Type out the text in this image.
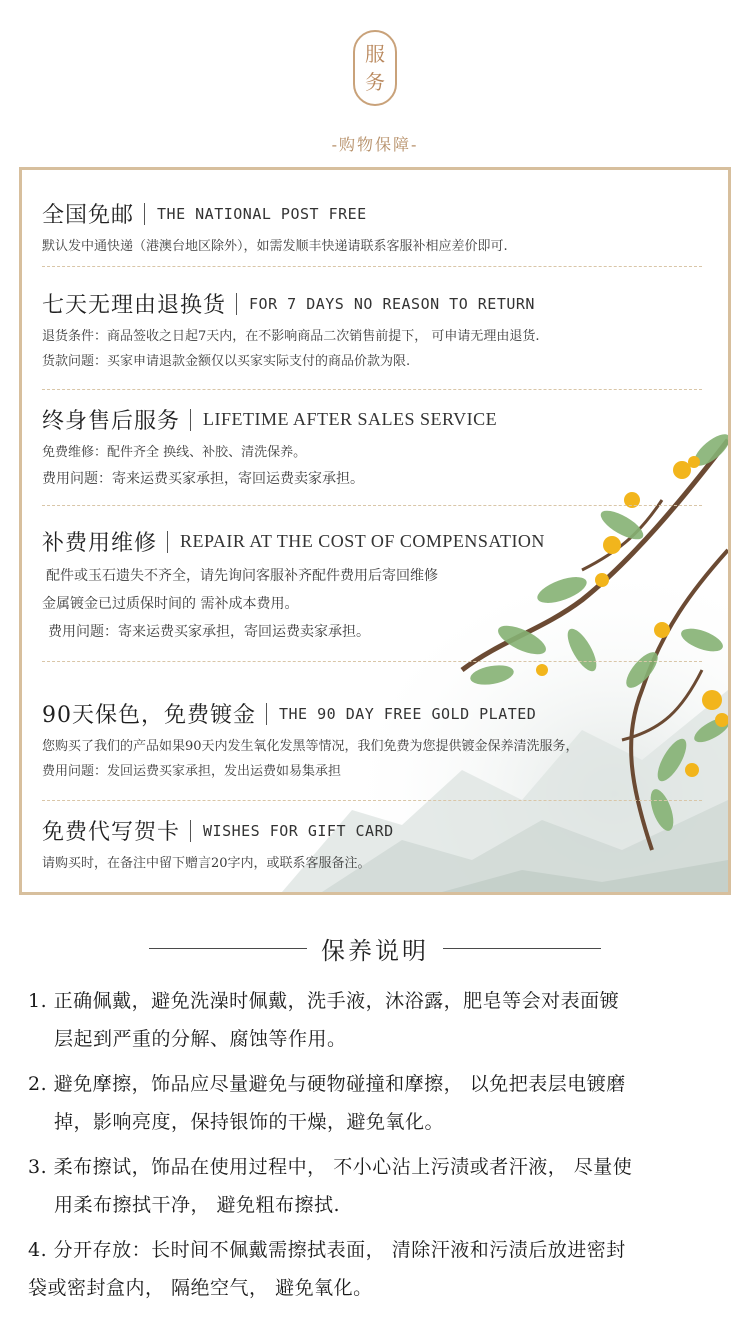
服
务
-购物保障-
全国免邮 THE NATIONAL POST FREE
默认发中通快递（港澳台地区除外），如需发顺丰快递请联系客服补相应差价即可.
七天无理由退换货 FOR 7 DAYS NO REASON TO RETURN
退货条件：商品签收之日起7天内，在不影响商品二次销售前提下， 可申请无理由退货.
货款问题：买家申请退款金额仅以买家实际支付的商品价款为限.
终身售后服务 LIFETIME AFTER SALES SERVICE
免费维修：配件齐全 换线、补胶、清洗保养。
费用问题：寄来运费买家承担，寄回运费卖家承担。
补费用维修 REPAIR AT THE COST OF COMPENSATION
配件或玉石遗失不齐全，请先询问客服补齐配件费用后寄回维修
金属镀金已过质保时间的 需补成本费用。
费用问题：寄来运费买家承担，寄回运费卖家承担。
90天保色，免费镀金 THE 90 DAY FREE GOLD PLATED
您购买了我们的产品如果90天内发生氧化发黑等情况，我们免费为您提供镀金保养清洗服务，
费用问题：发回运费买家承担，发出运费如易集承担
免费代写贺卡 WISHES FOR GIFT CARD
请购买时，在备注中留下赠言20字内，或联系客服备注。
保养说明
1. 正确佩戴，避免洗澡时佩戴，洗手液，沐浴露，肥皂等会对表面镀
层起到严重的分解、腐蚀等作用。
2. 避免摩擦，饰品应尽量避免与硬物碰撞和摩擦， 以免把表层电镀磨
掉，影响亮度，保持银饰的干燥，避免氧化。
3. 柔布擦试，饰品在使用过程中， 不小心沾上污渍或者汗液， 尽量使
用柔布擦拭干净， 避免粗布擦拭.
4. 分开存放：长时间不佩戴需擦拭表面， 清除汗液和污渍后放进密封
袋或密封盒内， 隔绝空气， 避免氧化。
